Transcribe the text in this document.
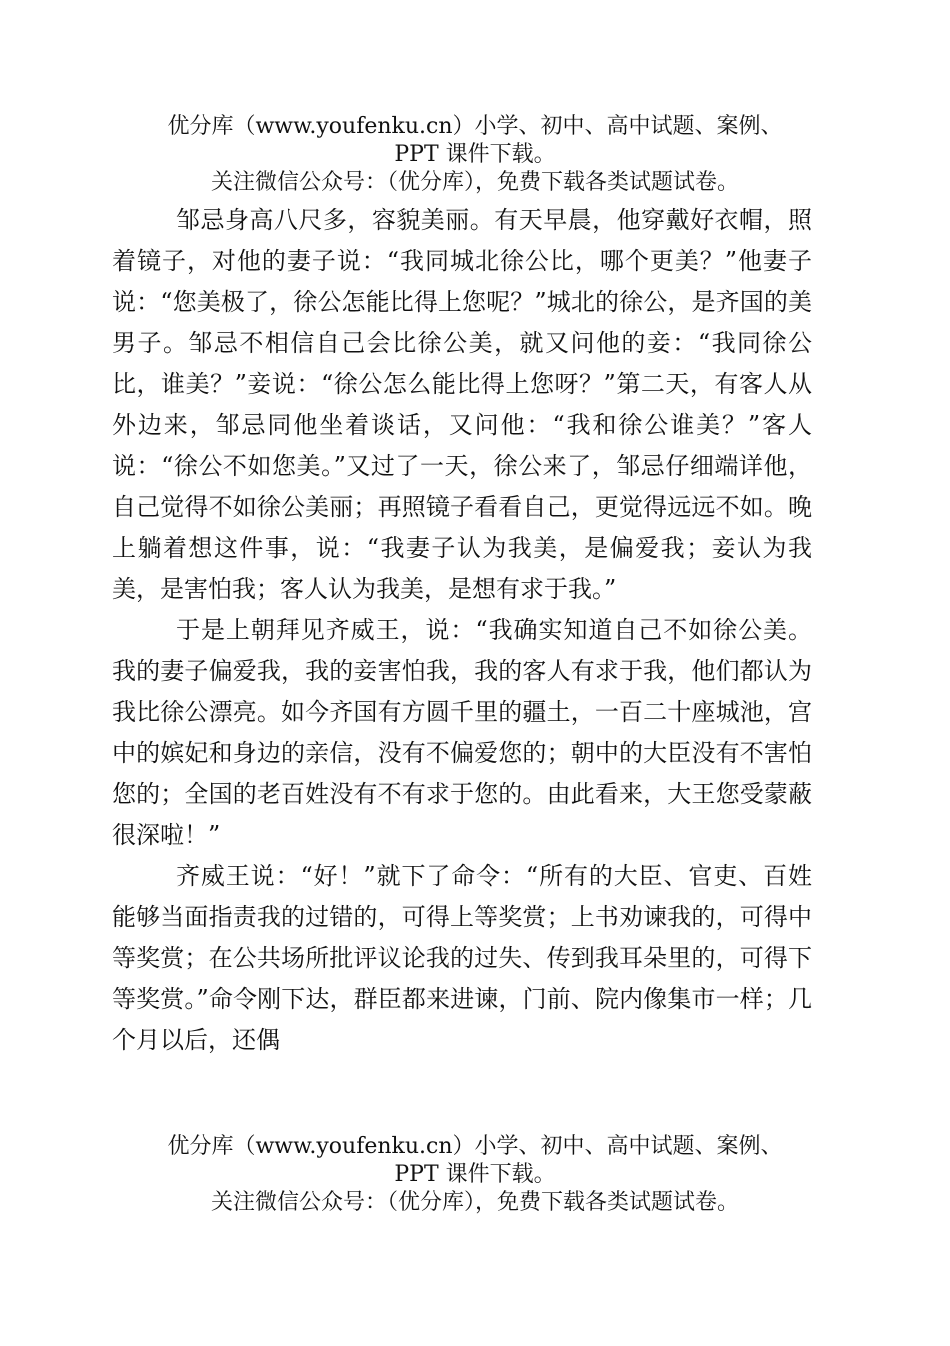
优分库（www.youfenku.cn）小学、初中、高中试题、案例、
PPT 课件下载。
关注微信公众号：（优分库），免费下载各类试题试卷。

邹忌身高八尺多，容貌美丽。有天早晨，他穿戴好衣帽，照着镜子，对他的妻子说：“我同城北徐公比，哪个更美？”他妻子说：“您美极了，徐公怎能比得上您呢？”城北的徐公，是齐国的美男子。邹忌不相信自己会比徐公美，就又问他的妾：“我同徐公比，谁美？”妾说：“徐公怎么能比得上您呀？”第二天，有客人从外边来，邹忌同他坐着谈话，又问他：“我和徐公谁美？”客人说：“徐公不如您美。”又过了一天，徐公来了，邹忌仔细端详他，自己觉得不如徐公美丽；再照镜子看看自己，更觉得远远不如。晚上躺着想这件事，说：“我妻子认为我美，是偏爱我；妾认为我美，是害怕我；客人认为我美，是想有求于我。”

于是上朝拜见齐威王，说：“我确实知道自己不如徐公美。我的妻子偏爱我，我的妾害怕我，我的客人有求于我，他们都认为我比徐公漂亮。如今齐国有方圆千里的疆土，一百二十座城池，宫中的嫔妃和身边的亲信，没有不偏爱您的；朝中的大臣没有不害怕您的；全国的老百姓没有不有求于您的。由此看来，大王您受蒙蔽很深啦！”

齐威王说：“好！”就下了命令：“所有的大臣、官吏、百姓能够当面指责我的过错的，可得上等奖赏；上书劝谏我的，可得中等奖赏；在公共场所批评议论我的过失、传到我耳朵里的，可得下等奖赏。”命令刚下达，群臣都来进谏，门前、院内像集市一样；几个月以后，还偶

优分库（www.youfenku.cn）小学、初中、高中试题、案例、
PPT 课件下载。
关注微信公众号：（优分库），免费下载各类试题试卷。
